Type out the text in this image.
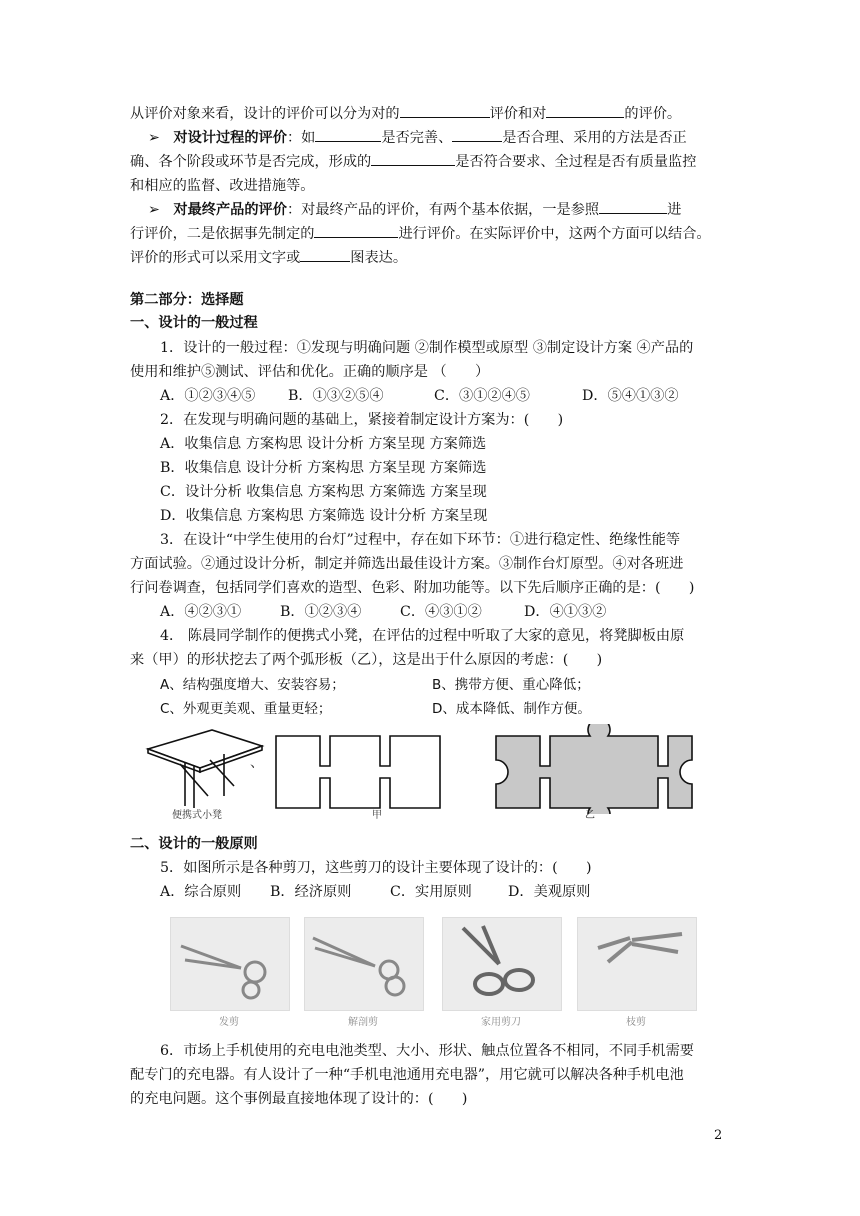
从评价对象来看，设计的评价可以分为对的	评价和对	的评价。
➢ 对设计过程的评价：如	是否完善、	是否合理、采用的方法是否正
确、各个阶段或环节是否完成，形成的	是否符合要求、全过程是否有质量监控
和相应的监督、改进措施等。
➢ 对最终产品的评价：对最终产品的评价，有两个基本依据，一是参照	进
行评价，二是依据事先制定的	进行评价。在实际评价中，这两个方面可以结合。
评价的形式可以采用文字或	图表达。
第二部分：选择题
一、设计的一般过程
1．设计的一般过程：①发现与明确问题 ②制作模型或原型 ③制定设计方案 ④产品的
使用和维护⑤测试、评估和优化。正确的顺序是 （　　）
A．①②③④⑤ B．①③②⑤④	C．③①②④⑤	D．⑤④①③②
2．在发现与明确问题的基础上，紧接着制定设计方案为：(　　)
A．收集信息 方案构思 设计分析 方案呈现 方案筛选
B．收集信息 设计分析 方案构思 方案呈现 方案筛选
C．设计分析 收集信息 方案构思 方案筛选 方案呈现
D．收集信息 方案构思 方案筛选 设计分析 方案呈现
3．在设计“中学生使用的台灯”过程中，存在如下环节：①进行稳定性、绝缘性能等
方面试验。②通过设计分析，制定并筛选出最佳设计方案。③制作台灯原型。④对各班进
行问卷调查，包括同学们喜欢的造型、色彩、附加功能等。以下先后顺序正确的是：(　　)
A．④②③①	B．①②③④	C．④③①②	D．④①③②
4． 陈晨同学制作的便携式小凳，在评估的过程中听取了大家的意见，将凳脚板由原
来（甲）的形状挖去了两个弧形板（乙），这是出于什么原因的考虑：(　　)
A、结构强度增大、安装容易；	B、携带方便、重心降低；
C、外观更美观、重量更轻；	D、成本降低、制作方便。
、
便携式小凳	甲	乙
二、设计的一般原则
5．如图所示是各种剪刀，这些剪刀的设计主要体现了设计的：(　　)
A．综合原则 B．经济原则	C．实用原则	D．美观原则
发剪	解剖剪	家用剪刀	枝剪
6．市场上手机使用的充电电池类型、大小、形状、触点位置各不相同，不同手机需要
配专门的充电器。有人设计了一种“手机电池通用充电器”，用它就可以解决各种手机电池
的充电问题。这个事例最直接地体现了设计的：(　　)
2
